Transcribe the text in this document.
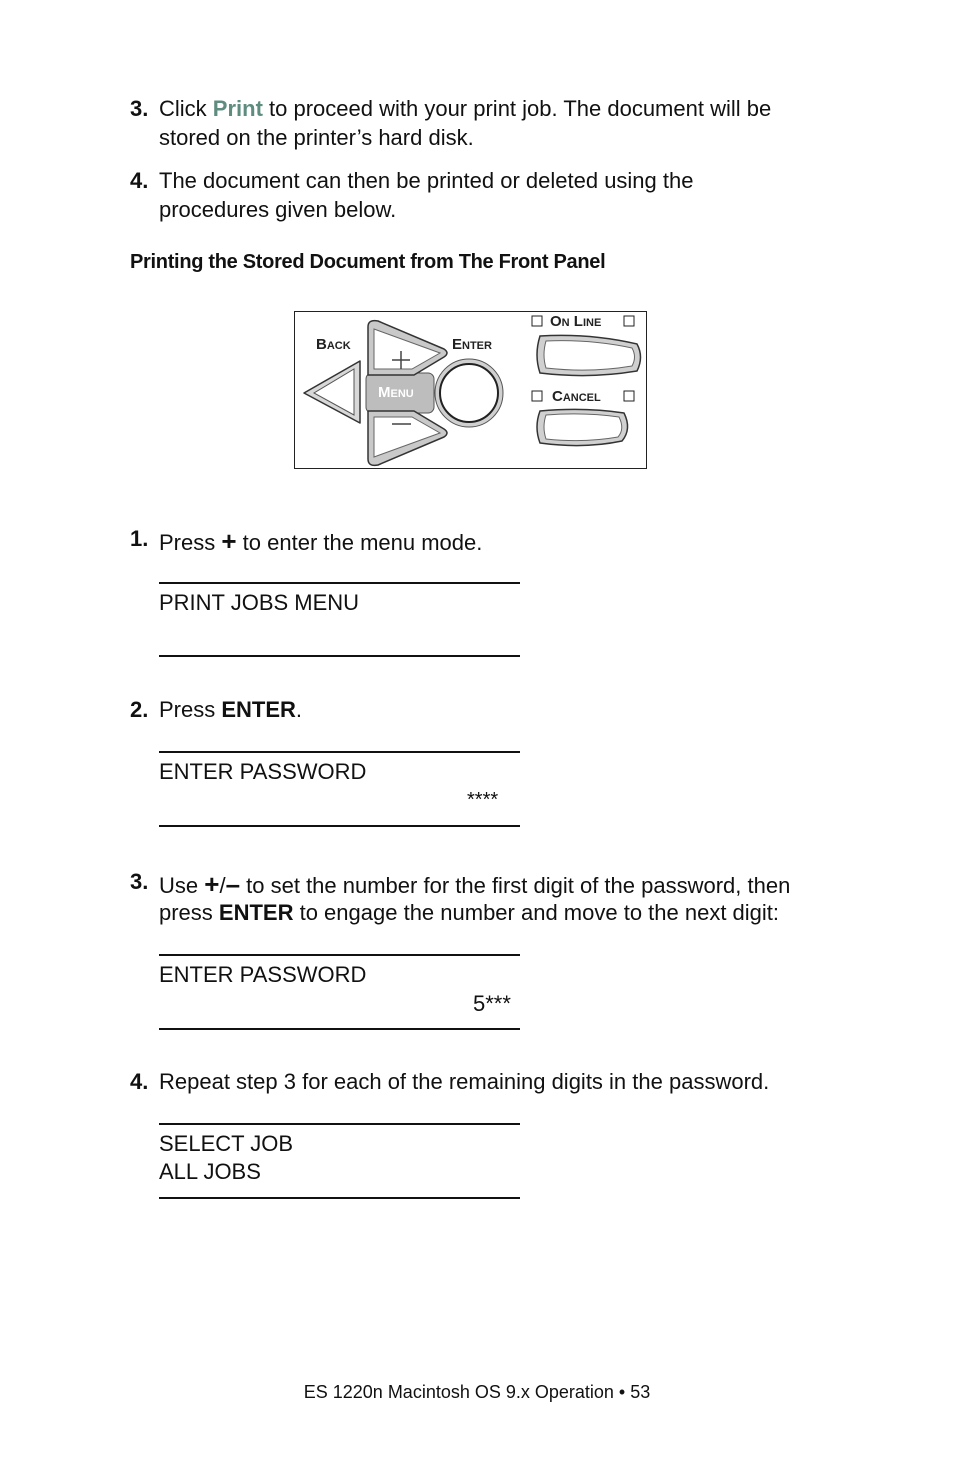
3. Click Print to proceed with your print job. The document will be
stored on the printer’s hard disk.
4. The document can then be printed or deleted using the
procedures given below.
Printing the Stored Document from The Front Panel
Back	Enter
Menu
On Line
Cancel
1. Press + to enter the menu mode.
PRINT JOBS MENU
2. Press ENTER.
ENTER PASSWORD
****
3. Use +/– to set the number for the first digit of the password, then
press ENTER to engage the number and move to the next digit:
ENTER PASSWORD
5***
4. Repeat step 3 for each of the remaining digits in the password.
SELECT JOB
ALL JOBS
ES 1220n Macintosh OS 9.x Operation • 53
